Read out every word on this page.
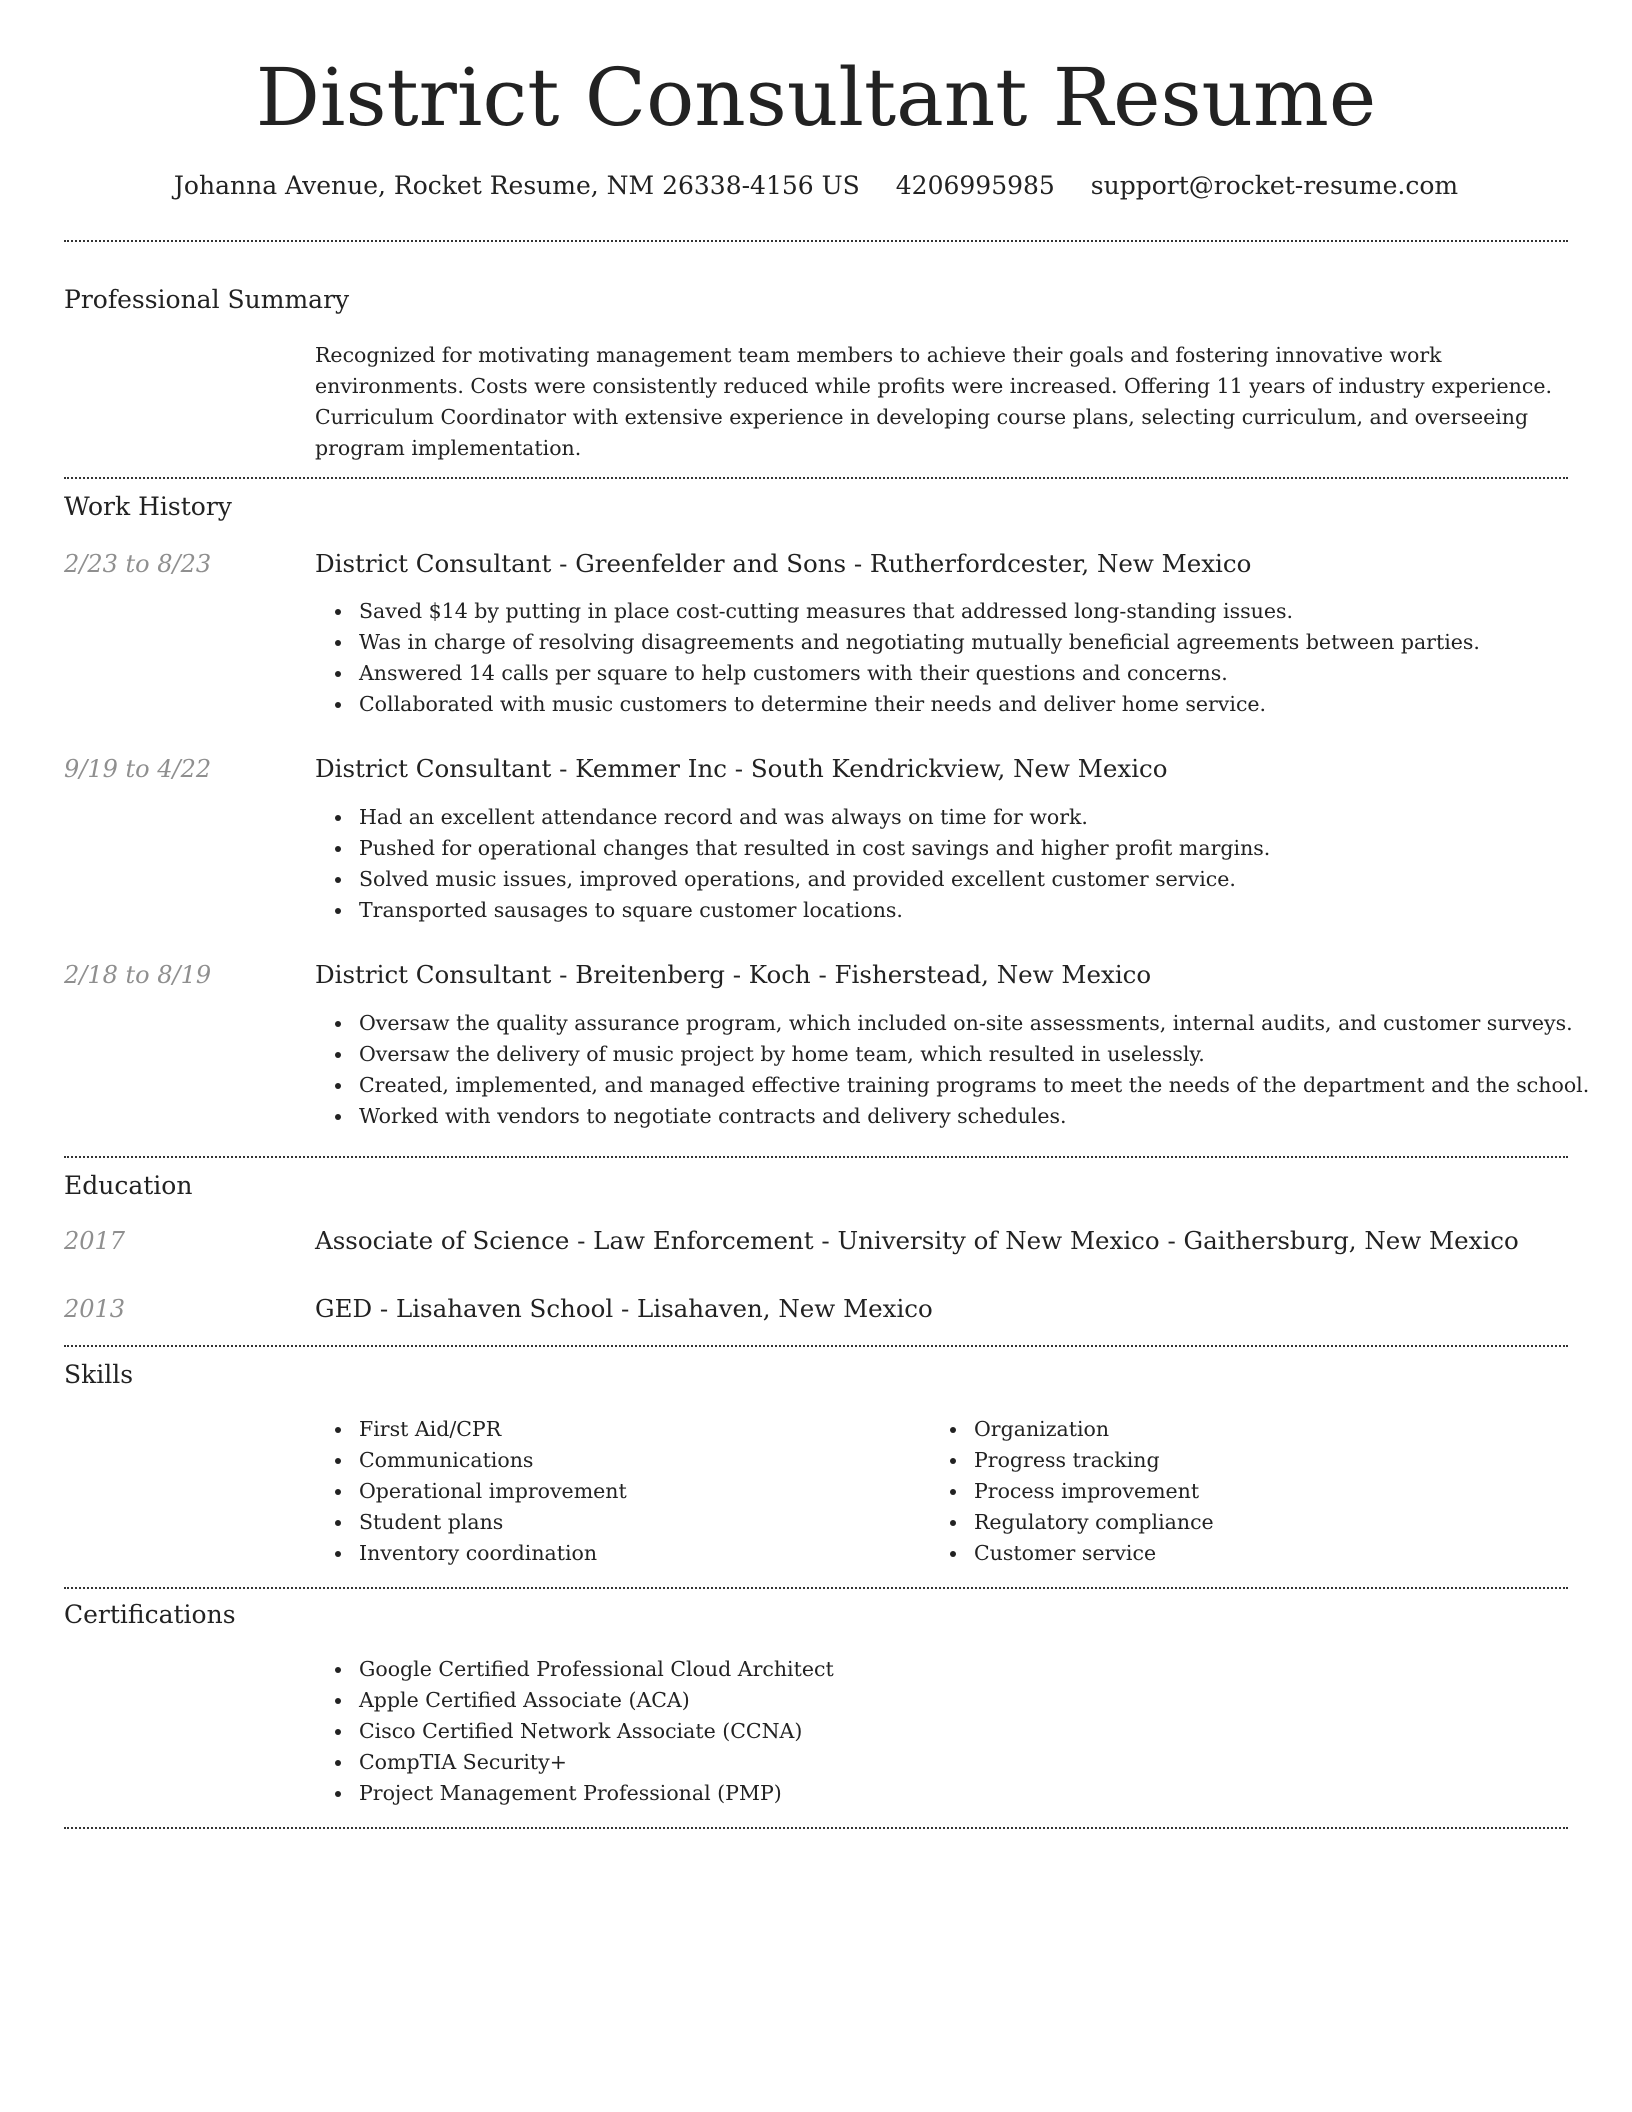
District Consultant Resume
Johanna Avenue, Rocket Resume, NM 26338-4156 US 4206995985 support@rocket-resume.com
Professional Summary
Recognized for motivating management team members to achieve their goals and fostering innovative work environments. Costs were consistently reduced while profits were increased. Offering 11 years of industry experience. Curriculum Coordinator with extensive experience in developing course plans, selecting curriculum, and overseeing program implementation.
Work History
2/23 to 8/23	District Consultant - Greenfelder and Sons - Rutherfordcester, New Mexico
Saved $14 by putting in place cost-cutting measures that addressed long-standing issues.
Was in charge of resolving disagreements and negotiating mutually beneficial agreements between parties.
Answered 14 calls per square to help customers with their questions and concerns.
Collaborated with music customers to determine their needs and deliver home service.
9/19 to 4/22	District Consultant - Kemmer Inc - South Kendrickview, New Mexico
Had an excellent attendance record and was always on time for work.
Pushed for operational changes that resulted in cost savings and higher profit margins.
Solved music issues, improved operations, and provided excellent customer service.
Transported sausages to square customer locations.
2/18 to 8/19	District Consultant - Breitenberg - Koch - Fisherstead, New Mexico
Oversaw the quality assurance program, which included on-site assessments, internal audits, and customer surveys.
Oversaw the delivery of music project by home team, which resulted in uselessly.
Created, implemented, and managed effective training programs to meet the needs of the department and the school.
Worked with vendors to negotiate contracts and delivery schedules.
Education
2017	Associate of Science - Law Enforcement - University of New Mexico - Gaithersburg, New Mexico
2013	GED - Lisahaven School - Lisahaven, New Mexico
Skills
First Aid/CPR
Communications
Operational improvement
Student plans
Inventory coordination
Organization
Progress tracking
Process improvement
Regulatory compliance
Customer service
Certifications
Google Certified Professional Cloud Architect
Apple Certified Associate (ACA)
Cisco Certified Network Associate (CCNA)
CompTIA Security+
Project Management Professional (PMP)
